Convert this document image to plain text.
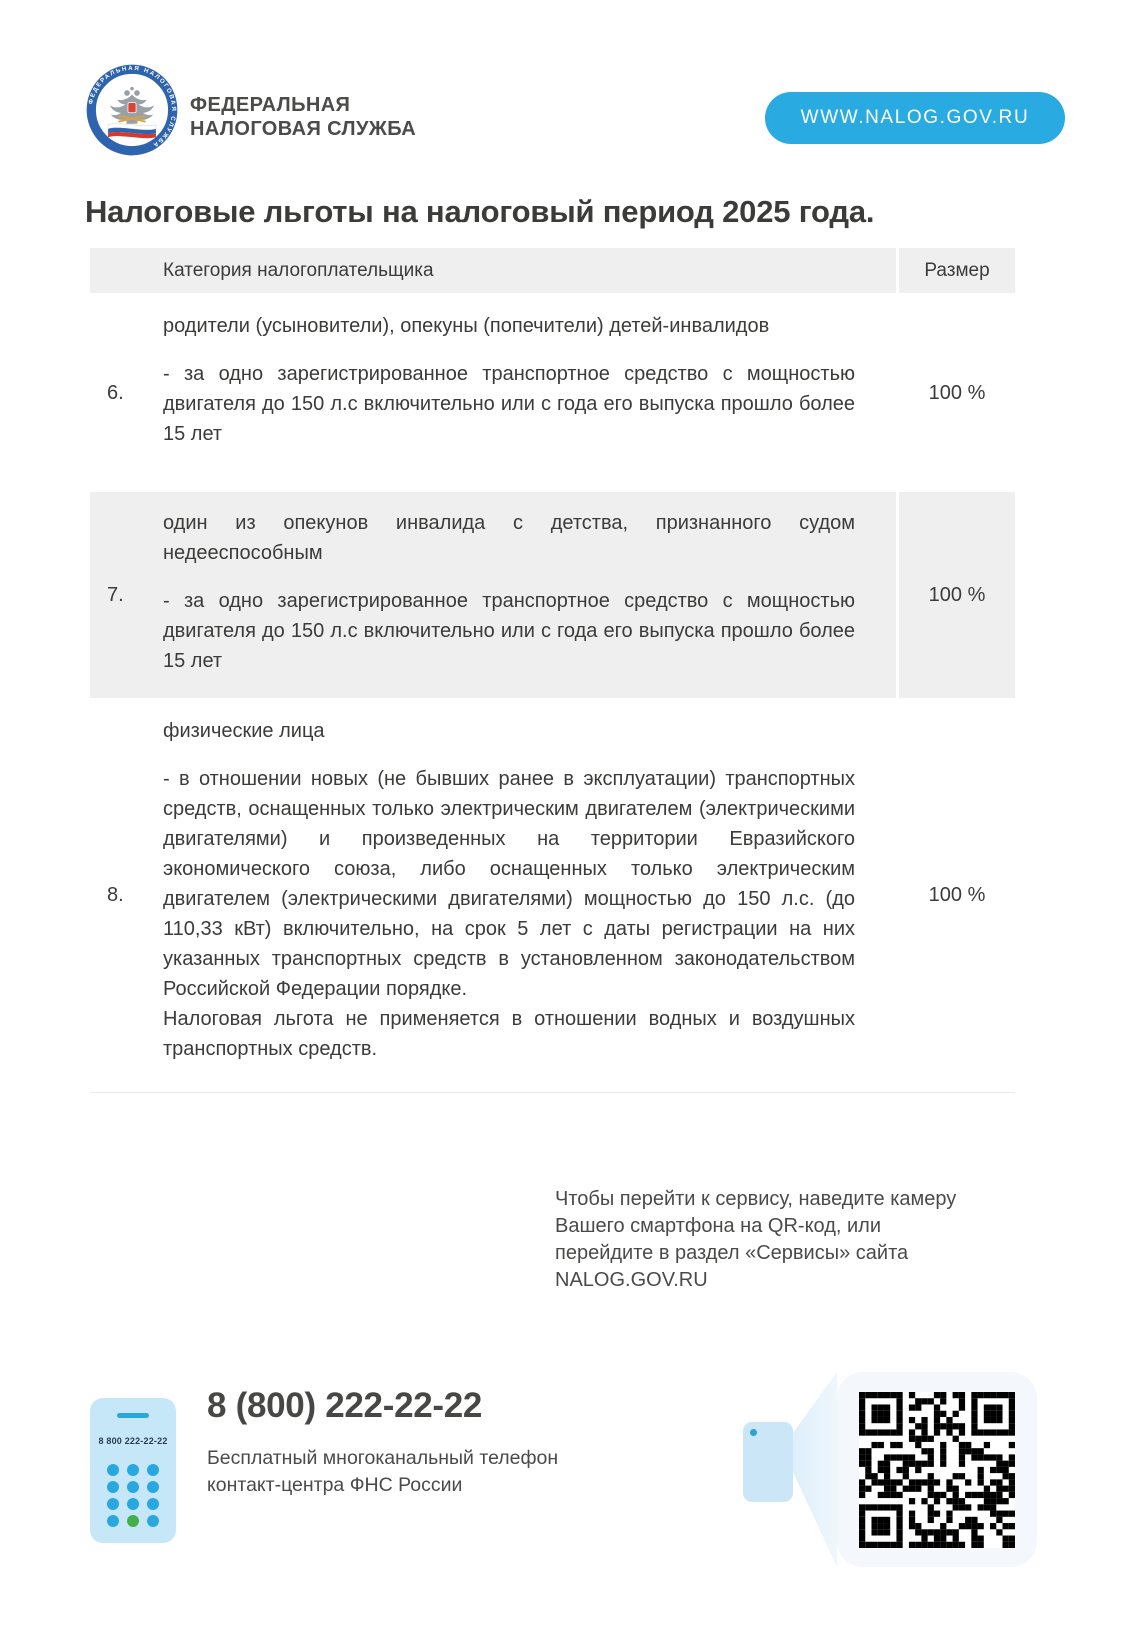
ФЕДЕРАЛЬНАЯ НАЛОГОВАЯ СЛУЖБА
ФЕДЕРАЛЬНАЯ
НАЛОГОВАЯ СЛУЖБА
WWW.NALOG.GOV.RU
Налоговые льготы на налоговый период 2025 года.
Категория налогоплательщика	Размер
6.

родители (усыновители), опекуны (попечители) детей-инвалидов

- за одно зарегистрированное транспортное средство с мощностью двигателя до 150 л.с включительно или с года его выпуска прошло более 15 лет

100 %
7.

один из опекунов инвалида с детства, признанного судом недееспособным

- за одно зарегистрированное транспортное средство с мощностью двигателя до 150 л.с включительно или с года его выпуска прошло более 15 лет

100 %
8.

физические лица

- в отношении новых (не бывших ранее в эксплуатации) транспортных средств, оснащенных только электрическим двигателем (электрическими двигателями) и произведенных на территории Евразийского экономического союза, либо оснащенных только электрическим двигателем (электрическими двигателями) мощностью до 150 л.с. (до 110,33 кВт) включительно, на срок 5 лет с даты регистрации на них указанных транспортных средств в установленном законодательством Российской Федерации порядке.

Налоговая льгота не применяется в отношении водных и воздушных транспортных средств.

100 %
Чтобы перейти к сервису, наведите камеру
Вашего смартфона на QR-код, или
перейдите в раздел «Сервисы» сайта
NALOG.GOV.RU
8 800 222-22-22
8 (800) 222-22-22
Бесплатный многоканальный телефон
контакт-центра ФНС России
